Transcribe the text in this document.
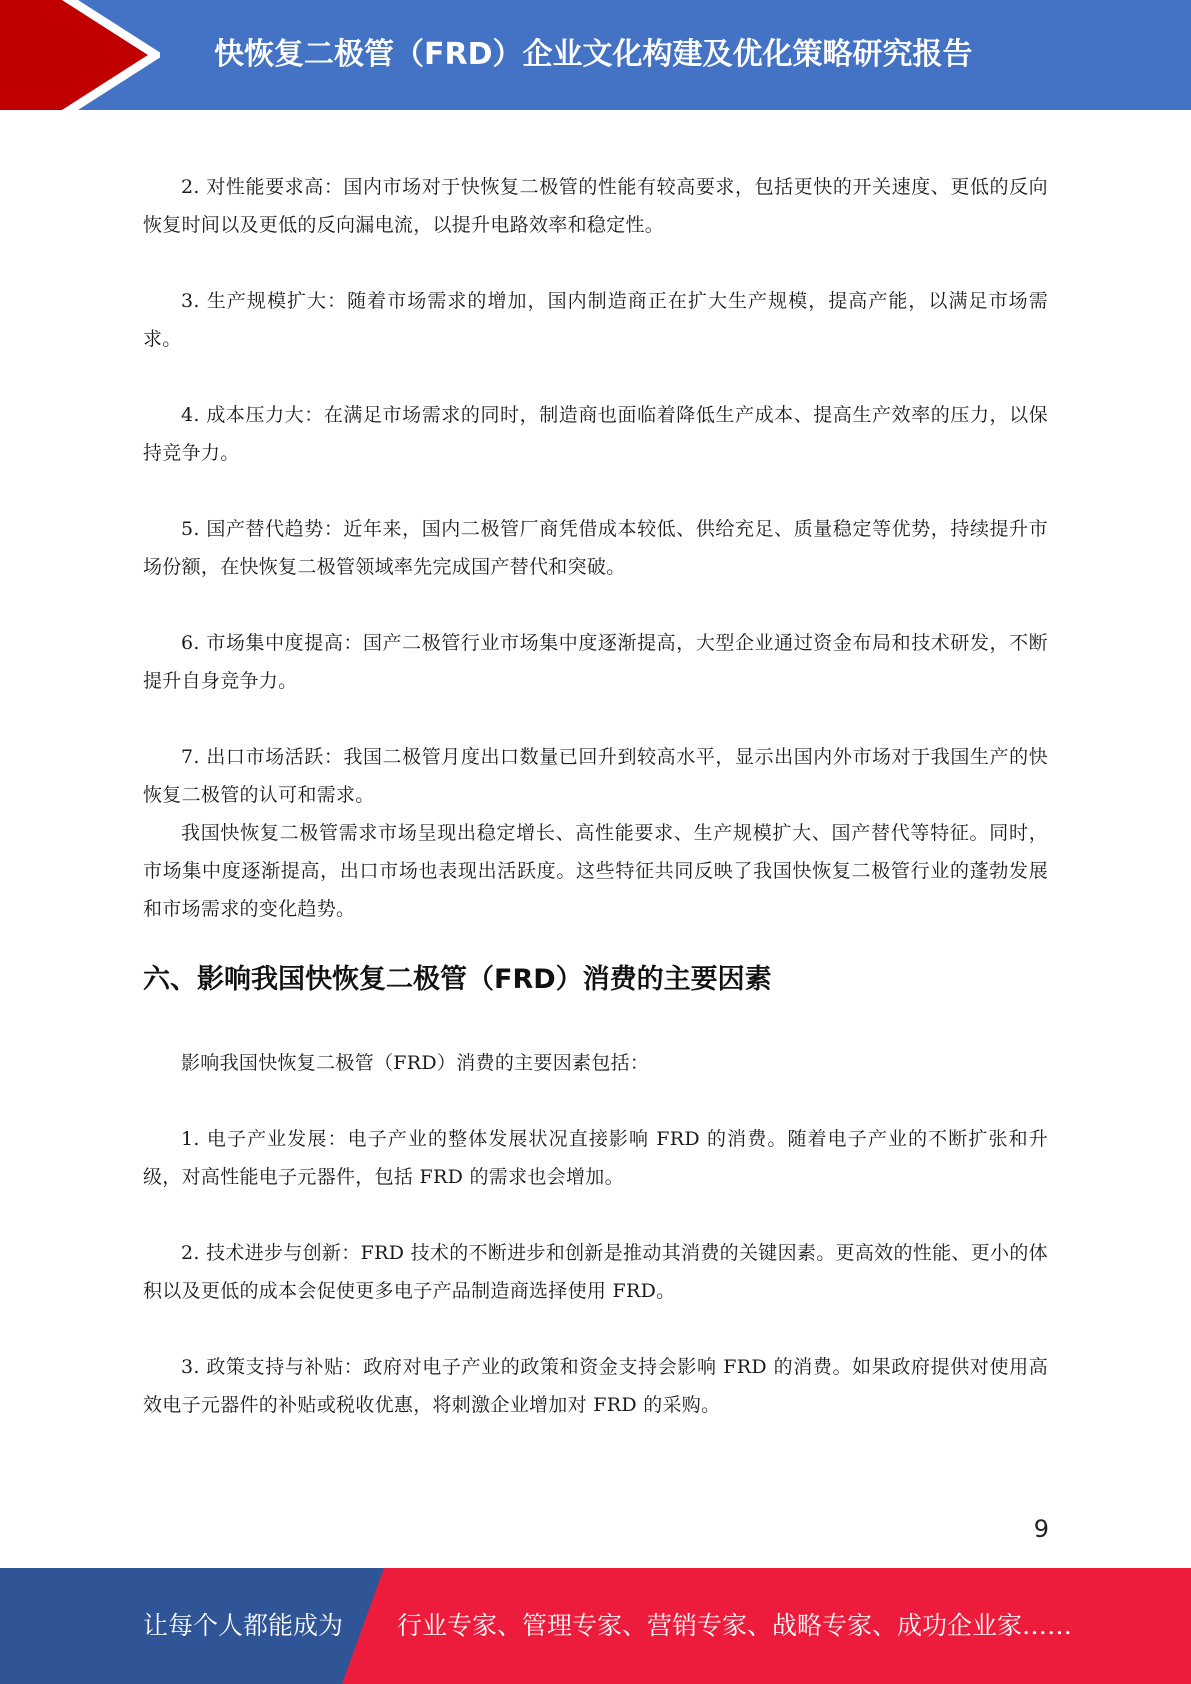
快恢复二极管（FRD）企业文化构建及优化策略研究报告

2. 对性能要求高：国内市场对于快恢复二极管的性能有较高要求，包括更快的开关速度、更低的反向恢复时间以及更低的反向漏电流，以提升电路效率和稳定性。

3. 生产规模扩大：随着市场需求的增加，国内制造商正在扩大生产规模，提高产能，以满足市场需求。

4. 成本压力大：在满足市场需求的同时，制造商也面临着降低生产成本、提高生产效率的压力，以保持竞争力。

5. 国产替代趋势：近年来，国内二极管厂商凭借成本较低、供给充足、质量稳定等优势，持续提升市场份额，在快恢复二极管领域率先完成国产替代和突破。

6. 市场集中度提高：国产二极管行业市场集中度逐渐提高，大型企业通过资金布局和技术研发，不断提升自身竞争力。

7. 出口市场活跃：我国二极管月度出口数量已回升到较高水平，显示出国内外市场对于我国生产的快恢复二极管的认可和需求。

我国快恢复二极管需求市场呈现出稳定增长、高性能要求、生产规模扩大、国产替代等特征。同时，市场集中度逐渐提高，出口市场也表现出活跃度。这些特征共同反映了我国快恢复二极管行业的蓬勃发展和市场需求的变化趋势。

六、影响我国快恢复二极管（FRD）消费的主要因素

影响我国快恢复二极管（FRD）消费的主要因素包括：

1. 电子产业发展：电子产业的整体发展状况直接影响 FRD 的消费。随着电子产业的不断扩张和升级，对高性能电子元器件，包括 FRD 的需求也会增加。

2. 技术进步与创新：FRD 技术的不断进步和创新是推动其消费的关键因素。更高效的性能、更小的体积以及更低的成本会促使更多电子产品制造商选择使用 FRD。

3. 政策支持与补贴：政府对电子产业的政策和资金支持会影响 FRD 的消费。如果政府提供对使用高效电子元器件的补贴或税收优惠，将刺激企业增加对 FRD 的采购。

9
让每个人都能成为 行业专家、管理专家、营销专家、战略专家、成功企业家……
